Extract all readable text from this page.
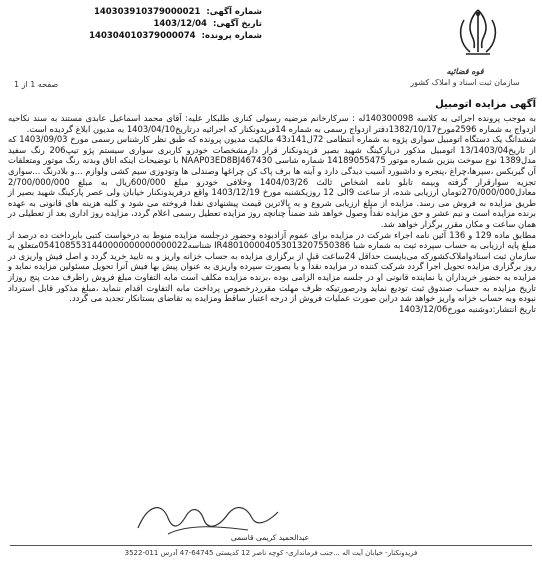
شماره آگهی:
140303910379000021
تاریخ آگهی:
1403/12/04
شماره پرونده:
140304010379000074
قوه قضائیه
سازمان ثبت اسناد و املاک کشور
صفحه 1 از 1
آگهی مزایده اتومبیل

به موجب پرونده اجرائی به کلاسه 140300098له : سرکارخانم مرضیه رسولی کناری طلبکار علیه: آقای محمد اسماعیل عابدی مستند به سند نکاحیه ازدواج به شماره 2596مورخ1382/10/17دفتر ازدواج رسمی به شماره 14فریدونکنار که اجرائیه درتاریخ1403/04/10 به مدیون ابلاغ گردیده است.

ششدانگ یک دستگاه اتومبیل سواری پژوه به شماره انتظامی 72ل141د43 مالکیت مدیون پرونده که طبق نظر کارشناس رسمی مورخ 1403/09/03 که از تاریخ13/1403/04 اتومبیل مذکور درپارکینگ شهید بصیر فریدونکنار قرار دارمشخصات خودرو کاربری سواری سیستم پژو تیپ206 رنگ سفید مدل1389 نوع سوخت بنزین شماره موتور 14189055475 شماره شاسی NAAP03ED8BJ467430 با توضیحات اینکه اتاق وبدنه رنگ موتور ومتعلقات آن گیربکس ،سپرها،چراغ ،پنجره و داشبورد آسیب دیدگی دارد و آینه ها برف پاک کن چراغها وصندلی ها وتودوزی سیم کشی ولوازم ...و بلادرنگ ...سواری تجزیه سوارقرار گرفته وبیمه تابلو نامه اشخاص ثالث 1404/03/26 وخلافی خودرو مبلغ 600/000ریال به مبلغ 2/700/000/000 معادل270/000/000تومان ارزیابی شده، از ساعت 9الی 12 روزیکشنبه مورخ 1403/12/19 واقع درفریدونکنار خیابان ولی عصر پارکینگ شهید بصیر از طریق مزایده به فروش می رسد. مزایده از مبلغ ارزیابی شروع و به بالاترین قیمت پیشنهادی نقدا فروخته می شود و کلیه هزینه های قانونی به عهده برنده مزایده است و نیم عشر و حق مزایده نقداً وصول خواهد شد ضمناً چنانچه روز مزایده تعطیل رسمی اعلام گردد، مزایده روز اداری بعد از تعطیلی در همان ساعت و مکان مقرر برگزار خواهد شد.

مطابق ماده 129 و 136 آئین نامه اجراء شرکت در مزایده برای عموم آزادبوده وحضور درجلسه مزایده منوط به درخواست کتبی بابرداخت ده درصد از مبلغ پایه ارزیابی به حساب سپرده ثبت به شماره شبا IR480100004053013207550386 شناسه0541085531440000000000000022متعلق به سازمان ثبت اسنادواملاک‌کشور‌که می‌بایست حداقل 24ساعت قبل از برگزاری مزایده به حساب خزانه واریز و به تایید خرید گردد و اصل فیش واریزی در روز برگزاری مزایده تحویل اجرا گردد شرکت کننده در مزایده نقداً و یا بصورت سپرده واریزی به عنوان پیش بها فیش آنرا تحویل مسئولین مزایده نماید و مزایده به حضور خریداران یا نماینده قانونی او در جلسه مزایده الزامی بوده ،برنده مزایده مکلف است مابه التفاوت مبلغ فروش راظرف مدت پنج روزاز تاریخ مزایده به حساب صندوق ثبت تودیع نماید ودرصورتیکه ظرف مهلت مقرردرخصوص پرداخت مابه التفاوت اقدام ننماید ،مبلغ مذکور قابل استرداد نبوده وبه حساب خزانه واریز خواهد شد دراین صورت عملیات فروش از درجه اعتبار ساقط ومزایده به تقاضای بستانکار تجدید می گردد.

تاریخ انتشار:دوشنبه مورخ1403/12/06

عبدالحمید کریمی قاسمی
فریدونکنار- خیابان آیت اله ...جنب فرمانداری- کوچه ناصر 12 کدپستی 64745-47 آدرس 011-3522
